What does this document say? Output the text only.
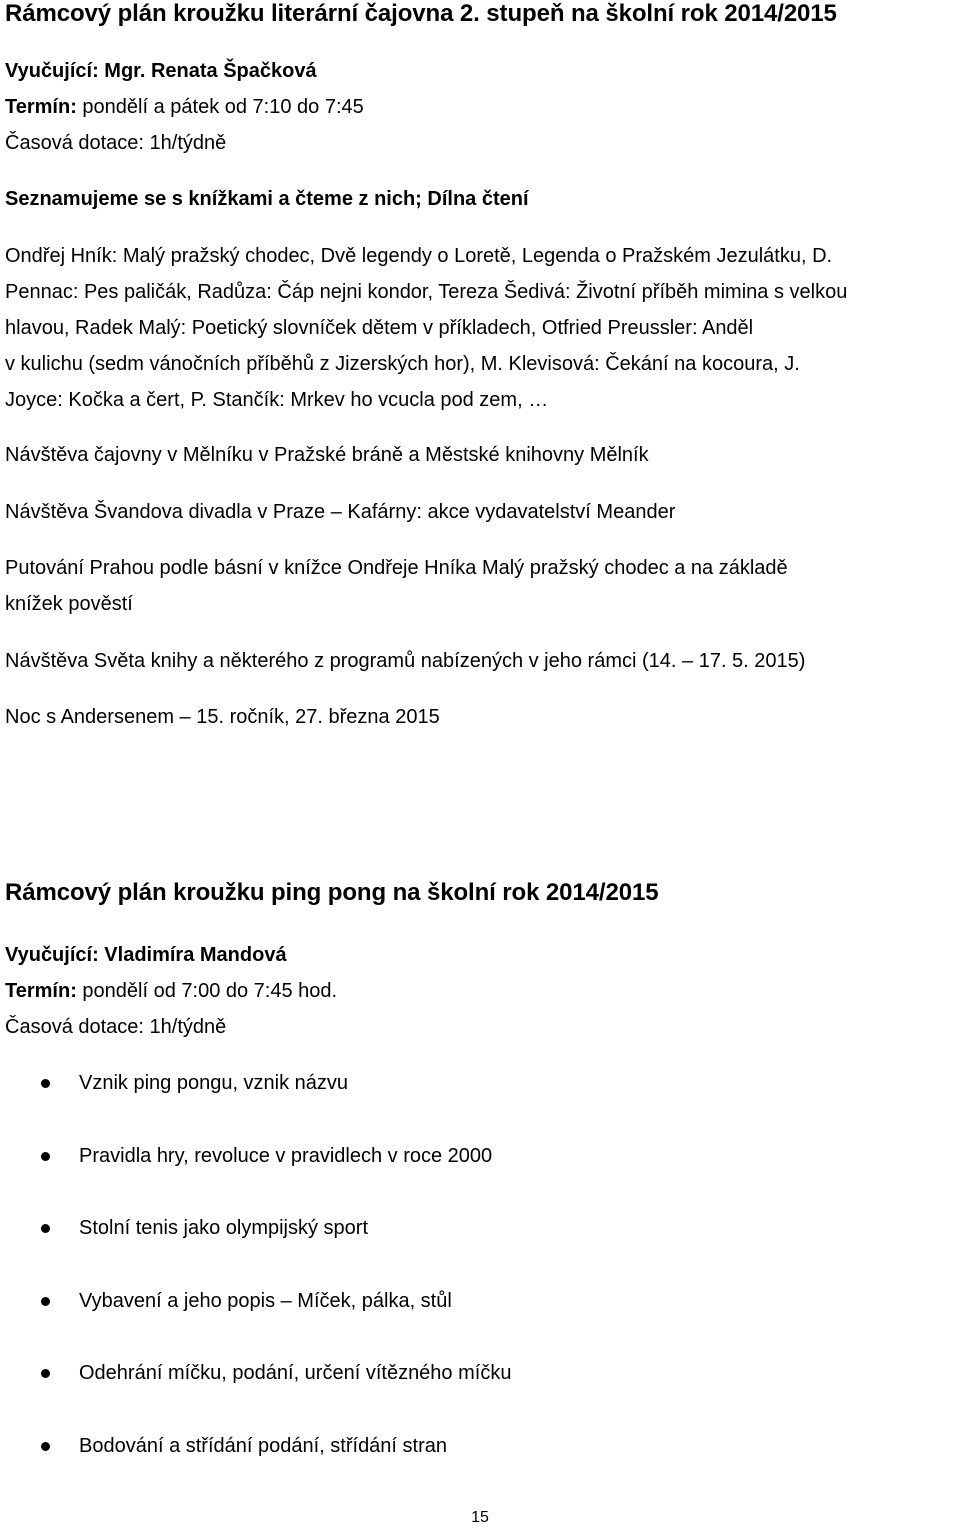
Rámcový plán kroužku literární čajovna 2. stupeň na školní rok 2014/2015
Vyučující: Mgr. Renata Špačková
Termín: pondělí a pátek od 7:10 do 7:45
Časová dotace: 1h/týdně
Seznamujeme se s knížkami a čteme z nich; Dílna čtení
Ondřej Hník: Malý pražský chodec, Dvě legendy o Loretě, Legenda o Pražském Jezulátku, D.
Pennac: Pes paličák, Radůza: Čáp nejni kondor, Tereza Šedivá: Životní příběh mimina s velkou
hlavou, Radek Malý: Poetický slovníček dětem v příkladech, Otfried Preussler: Anděl
v kulichu (sedm vánočních příběhů z Jizerských hor), M. Klevisová: Čekání na kocoura, J.
Joyce: Kočka a čert, P. Stančík: Mrkev ho vcucla pod zem, …
Návštěva čajovny v Mělníku v Pražské bráně a Městské knihovny Mělník
Návštěva Švandova divadla v Praze – Kafárny: akce vydavatelství Meander
Putování Prahou podle básní v knížce Ondřeje Hníka Malý pražský chodec a na základě
knížek pověstí
Návštěva Světa knihy a některého z programů nabízených v jeho rámci (14. – 17. 5. 2015)
Noc s Andersenem – 15. ročník, 27. března 2015
Rámcový plán kroužku ping pong na školní rok 2014/2015
Vyučující: Vladimíra Mandová
Termín: pondělí od 7:00 do 7:45 hod.
Časová dotace: 1h/týdně
Vznik ping pongu, vznik názvu
Pravidla hry, revoluce v pravidlech v roce 2000
Stolní tenis jako olympijský sport
Vybavení a jeho popis – Míček, pálka, stůl
Odehrání míčku, podání, určení vítězného míčku
Bodování a střídání podání, střídání stran
15
